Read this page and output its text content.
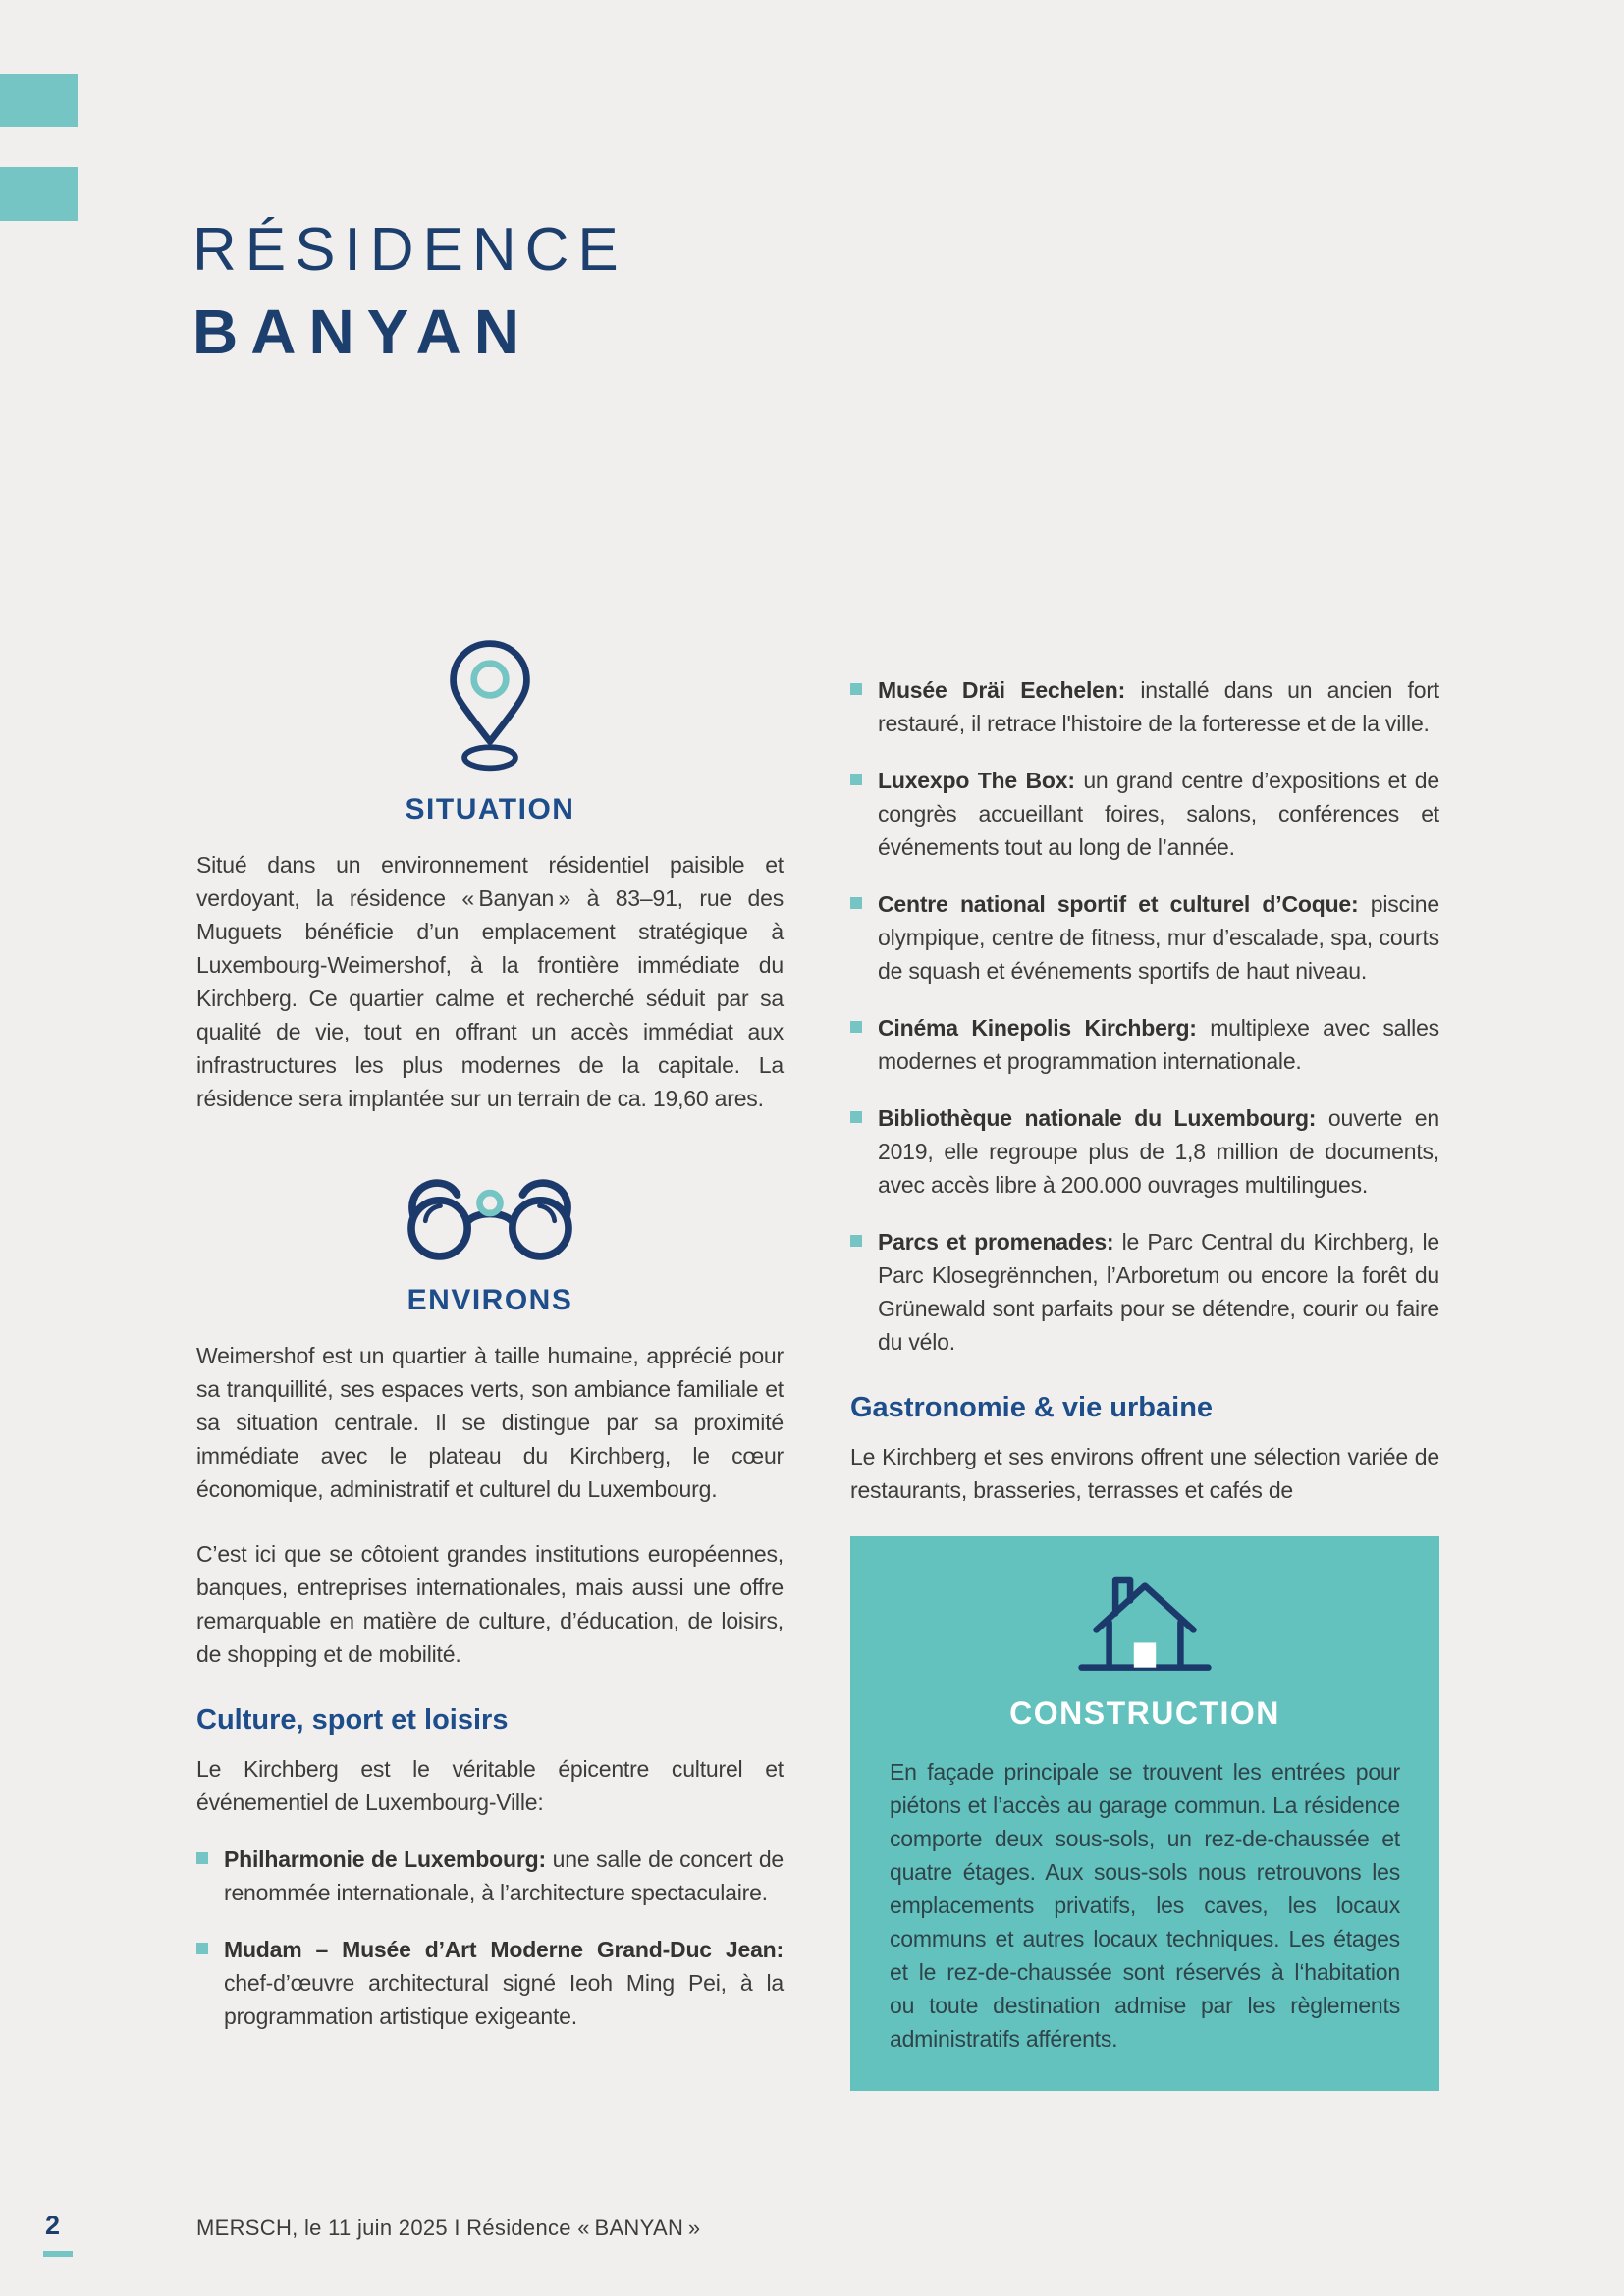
RÉSIDENCE
BANYAN
SITUATION

Situé dans un environnement résidentiel paisible et verdoyant, la résidence « Banyan » à 83–91, rue des Muguets bénéficie d’un emplacement stratégique à Luxembourg-Weimershof, à la frontière immédiate du Kirchberg. Ce quartier calme et recherché séduit par sa qualité de vie, tout en offrant un accès immédiat aux infrastructures les plus modernes de la capitale. La résidence sera implantée sur un terrain de ca. 19,60 ares.

ENVIRONS

Weimershof est un quartier à taille humaine, apprécié pour sa tranquillité, ses espaces verts, son ambiance familiale et sa situation centrale. Il se distingue par sa proximité immédiate avec le plateau du Kirchberg, le cœur économique, administratif et culturel du Luxembourg.

C’est ici que se côtoient grandes institutions européennes, banques, entreprises internationales, mais aussi une offre remarquable en matière de culture, d’éducation, de loisirs, de shopping et de mobilité.

Culture, sport et loisirs

Le Kirchberg est le véritable épicentre culturel et événementiel de Luxembourg-Ville:

Philharmonie de Luxembourg: une salle de concert de renommée internationale, à l’architecture spectaculaire.
Mudam – Musée d’Art Moderne Grand-Duc Jean: chef-d’œuvre architectural signé Ieoh Ming Pei, à la programmation artistique exigeante.
Musée Dräi Eechelen: installé dans un ancien fort restauré, il retrace l'histoire de la forteresse et de la ville.
Luxexpo The Box: un grand centre d’expositions et de congrès accueillant foires, salons, conférences et événements tout au long de l’année.
Centre national sportif et culturel d’Coque: piscine olympique, centre de fitness, mur d’escalade, spa, courts de squash et événements sportifs de haut niveau.
Cinéma Kinepolis Kirchberg: multiplexe avec salles modernes et programmation internationale.
Bibliothèque nationale du Luxembourg: ouverte en 2019, elle regroupe plus de 1,8 million de documents, avec accès libre à 200.000 ouvrages multilingues.
Parcs et promenades: le Parc Central du Kirchberg, le Parc Klosegrënnchen, l’Arboretum ou encore la forêt du Grünewald sont parfaits pour se détendre, courir ou faire du vélo.
Gastronomie & vie urbaine

Le Kirchberg et ses environs offrent une sélection variée de restaurants, brasseries, terrasses et cafés de

CONSTRUCTION

En façade principale se trouvent les entrées pour piétons et l’accès au garage commun. La résidence comporte deux sous-sols, un rez-de-chaussée et quatre étages. Aux sous-sols nous retrouvons les emplacements privatifs, les caves, les locaux communs et autres locaux techniques. Les étages et le rez-de-chaussée sont réservés à l‘habitation ou toute destination admise par les règlements administratifs afférents.

2	MERSCH, le 11 juin 2025 I Résidence « BANYAN »
